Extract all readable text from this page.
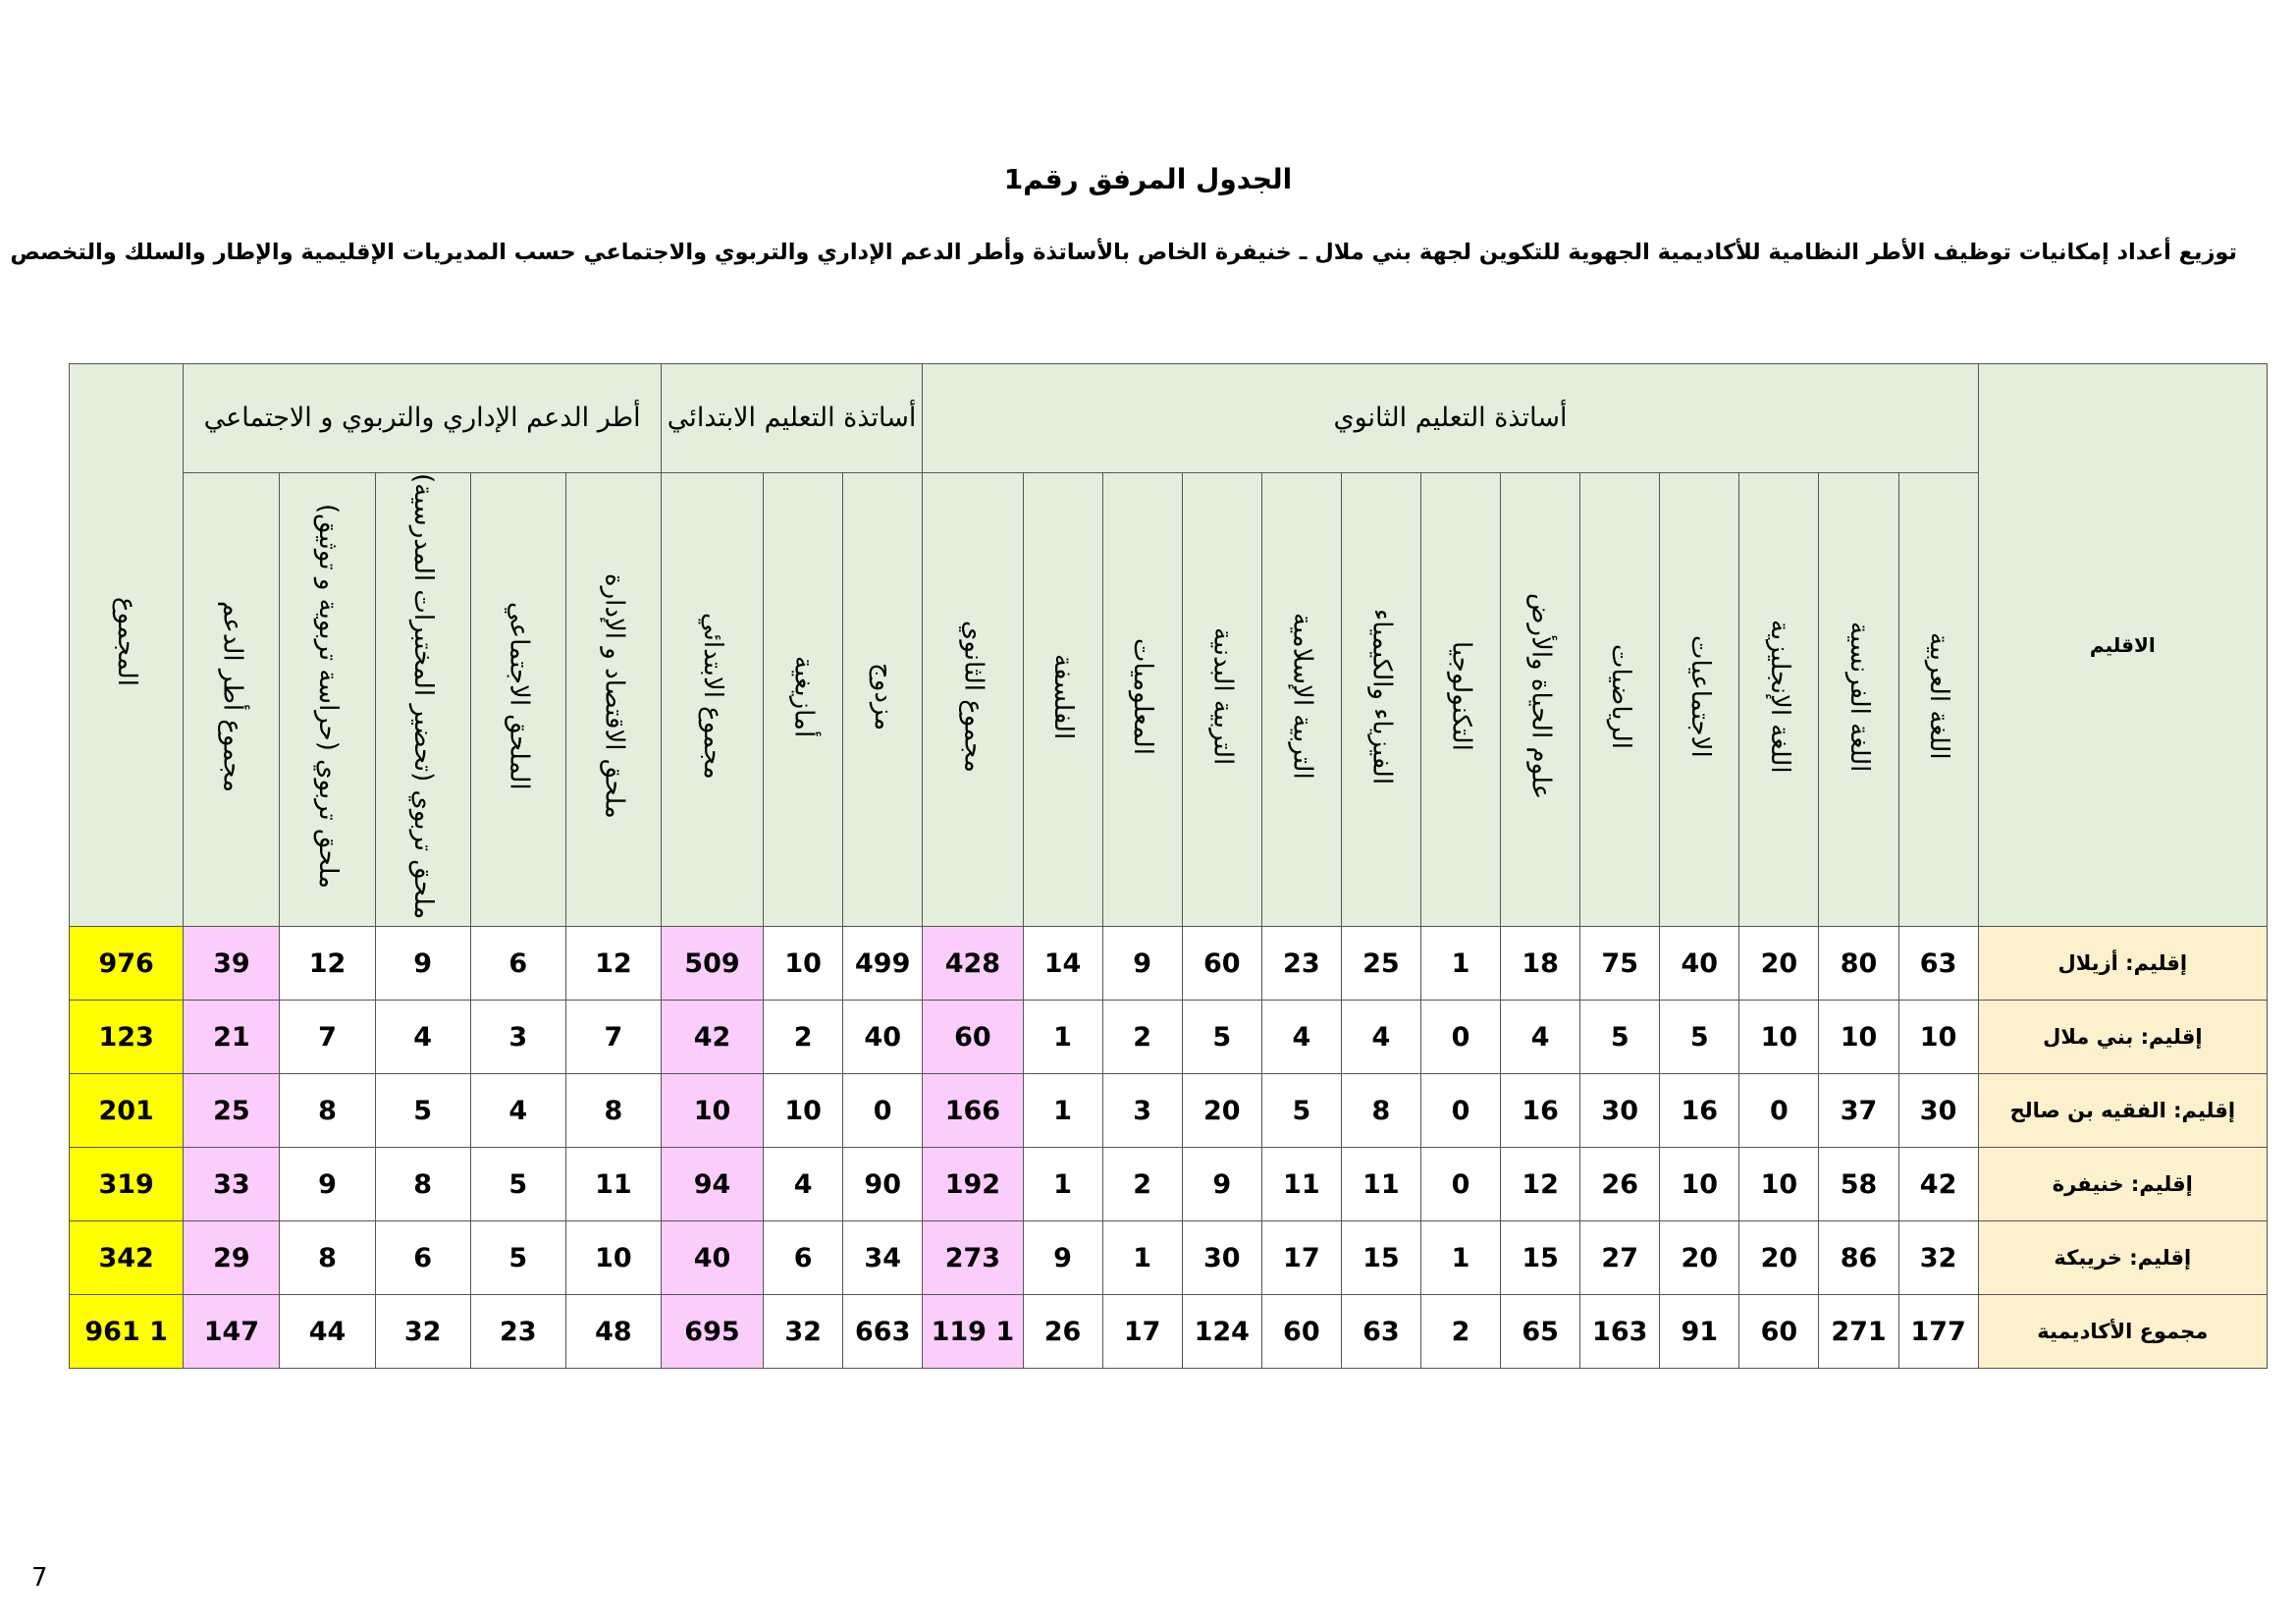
الجدول المرفق رقم1
توزيع أعداد إمكانيات توظيف الأطر النظامية للأكاديمية الجهوية للتكوين لجهة بني ملال ـ خنيفرة الخاص بالأساتذة وأطر الدعم الإداري والتربوي والاجتماعي حسب المديريات الإقليمية والإطار والسلك والتخصص
الاقليم	أساتذة التعليم الثانوي													أساتذة التعليم الابتدائي			أطر الدعم الإداري والتربوي و الاجتماعي					المجموع
	اللغة العربية	اللغة الفرنسية	اللغة الإنجليزية	الاجتماعيات	الرياضيات	علوم الحياة والأرض	التكنولوجيا	الفيزياء والكيمياء	التربية الإسلامية	التربية البدنية	المعلوميات	الفلسفة	مجموع الثانوي	مزدوج	أمازيغية	مجموع الابتدائي	ملحق الاقتصاد و الإدارة	الملحق الاجتماعي	ملحق تربوي (تحضير المختبرات المدرسية)	ملحق تربوي (حراسة تربوية و توثيق)	مجموع أطر الدعم	
إقليم: أزيلال	63	80	20	40	75	18	1	25	23	60	9	14	428	499	10	509	12	6	9	12	39	976
إقليم: بني ملال	10	10	10	5	5	4	0	4	4	5	2	1	60	40	2	42	7	3	4	7	21	123
إقليم: الفقيه بن صالح	30	37	0	16	30	16	0	8	5	20	3	1	166	0	10	10	8	4	5	8	25	201
إقليم: خنيفرة	42	58	10	10	26	12	0	11	11	9	2	1	192	90	4	94	11	5	8	9	33	319
إقليم: خريبكة	32	86	20	20	27	15	1	15	17	30	1	9	273	34	6	40	10	5	6	8	29	342
مجموع الأكاديمية	177	271	60	91	163	65	2	63	60	124	17	26	1 119	663	32	695	48	23	32	44	147	1 961
7
